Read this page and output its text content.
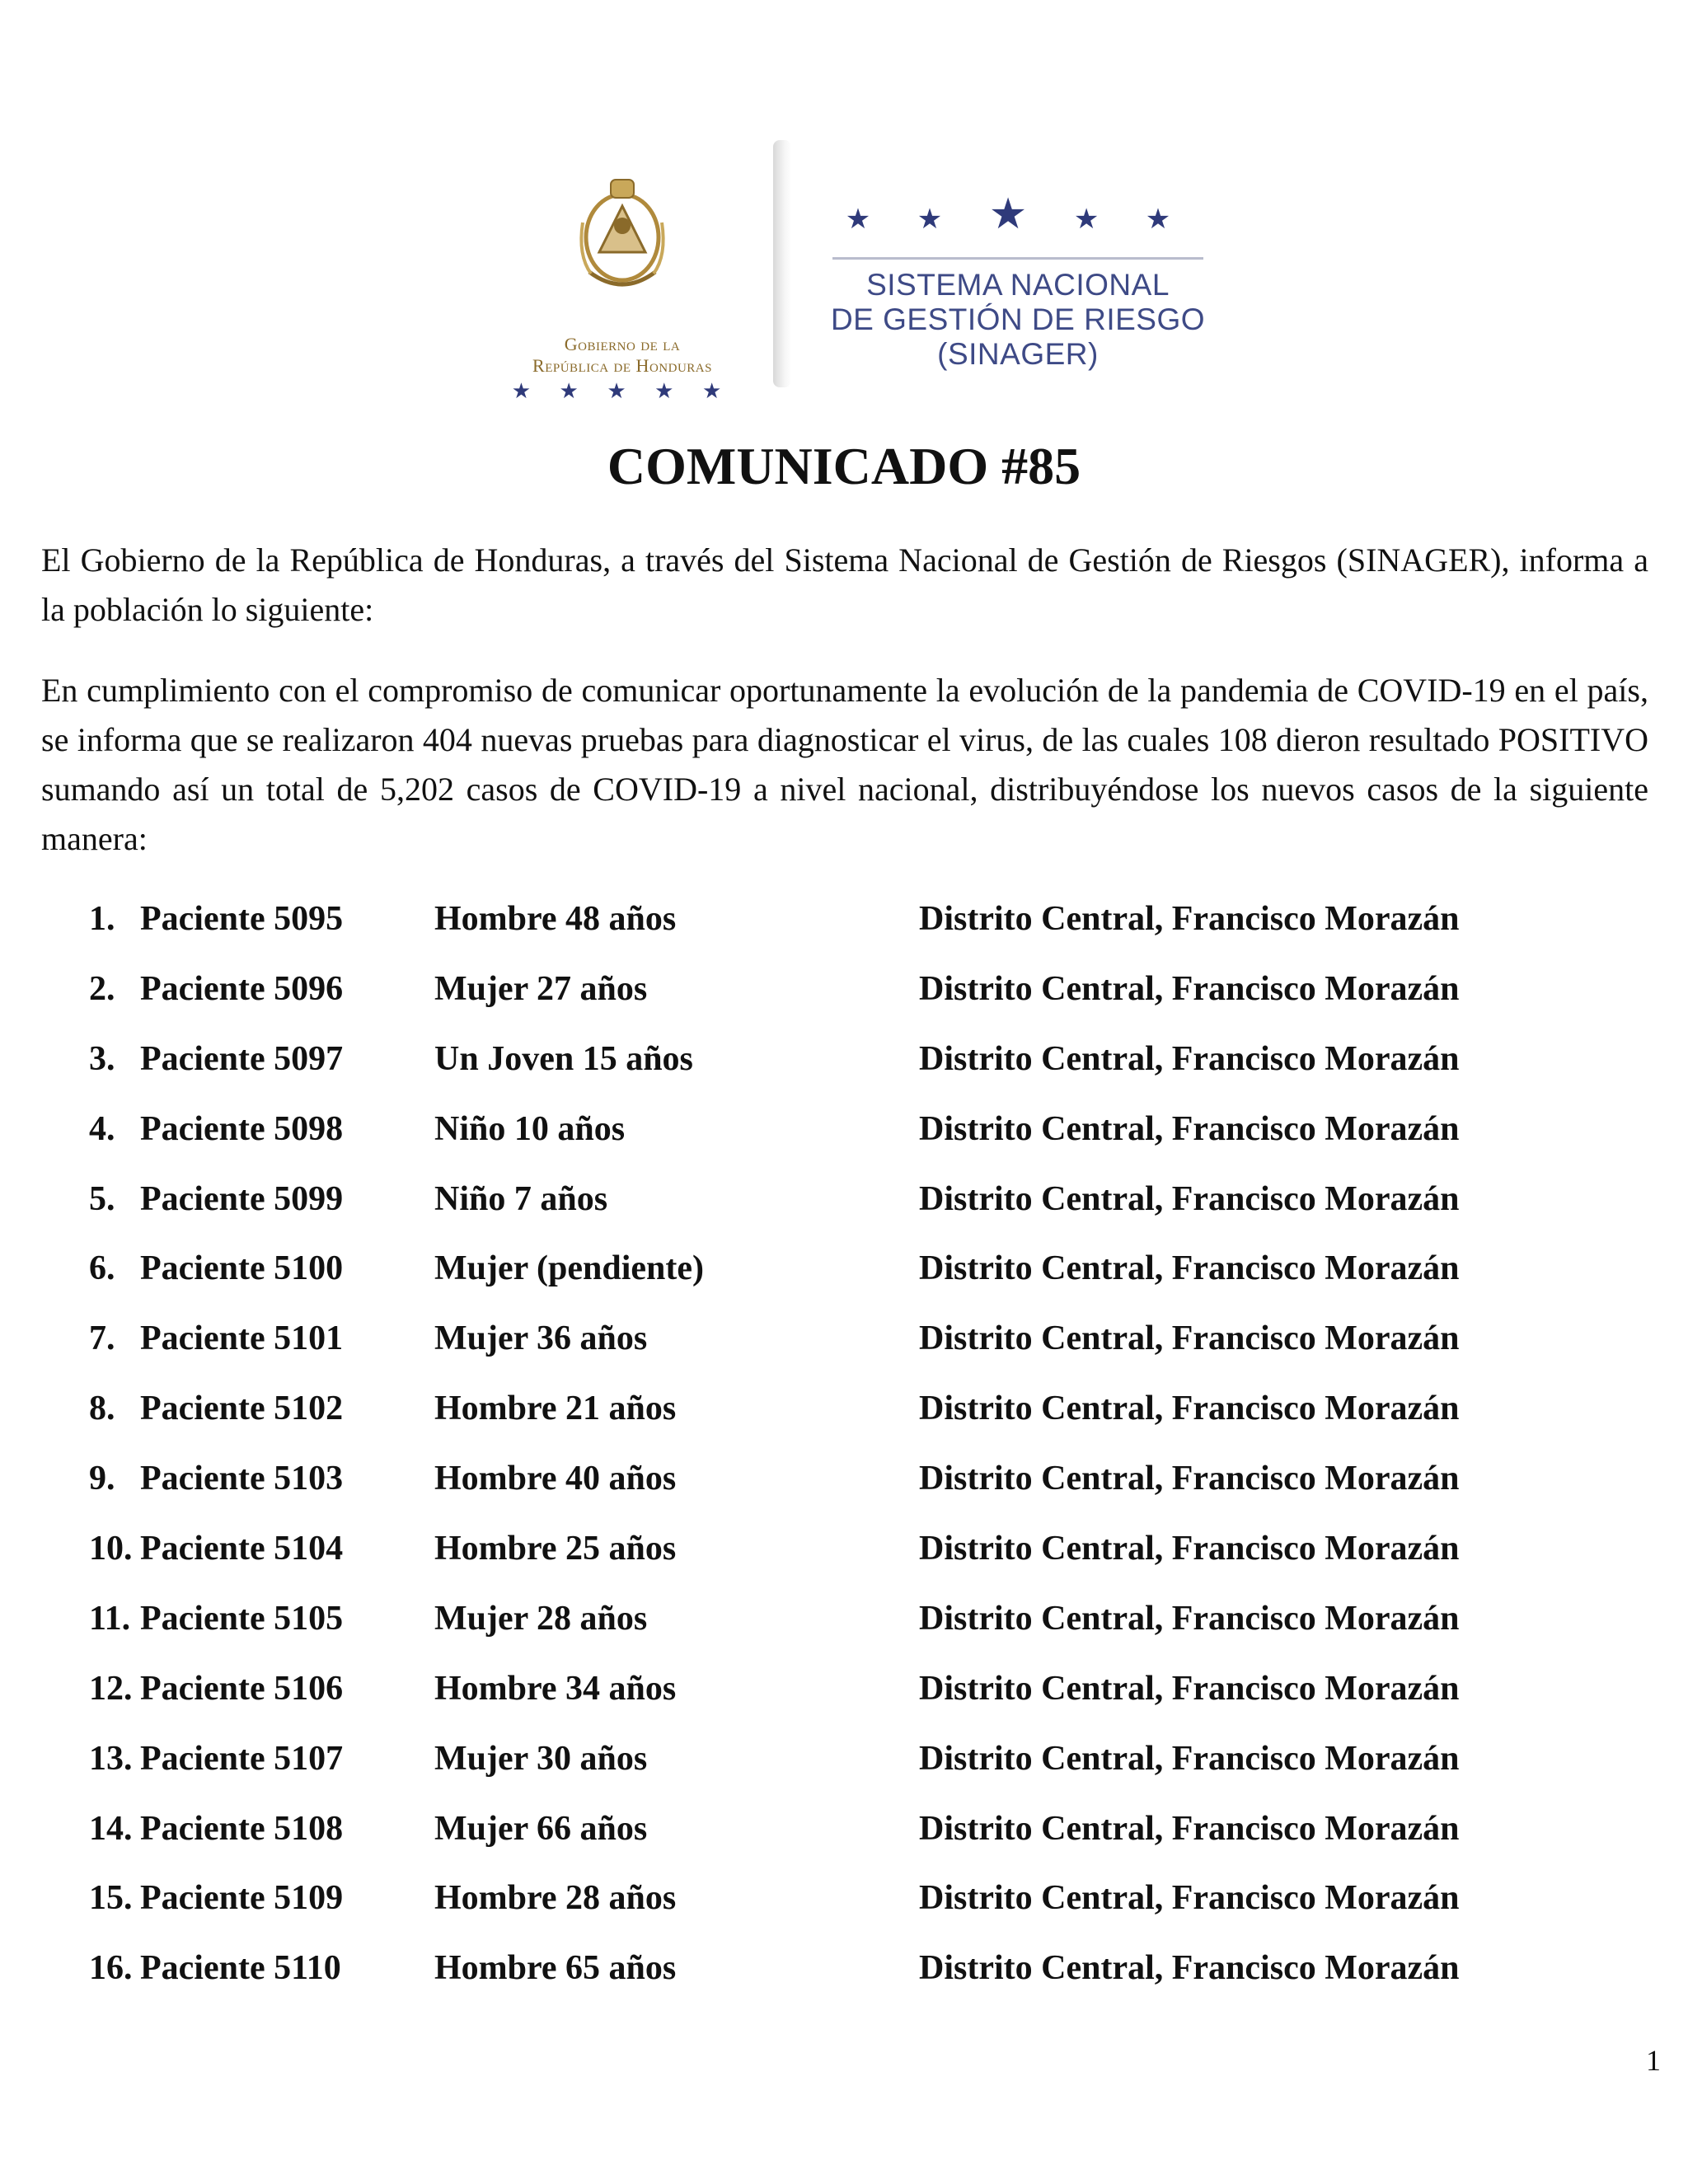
Gobierno de la
República de Honduras
★ ★ ★ ★ ★
★ ★ ★ ★ ★
SISTEMA NACIONAL
DE GESTIÓN DE RIESGO
(SINAGER)
COMUNICADO #85

El Gobierno de la República de Honduras, a través del Sistema Nacional de Gestión de Riesgos (SINAGER), informa a la población lo siguiente:

En cumplimiento con el compromiso de comunicar oportunamente la evolución de la pandemia de COVID-19 en el país, se informa que se realizaron 404 nuevas pruebas para diagnosticar el virus, de las cuales 108 dieron resultado POSITIVO sumando así un total de 5,202 casos de COVID-19 a nivel nacional, distribuyéndose los nuevos casos de la siguiente manera:

1. Paciente 5095	Hombre 48 años	Distrito Central, Francisco Morazán
2. Paciente 5096	Mujer 27 años	Distrito Central, Francisco Morazán
3. Paciente 5097	Un Joven 15 años	Distrito Central, Francisco Morazán
4. Paciente 5098	Niño 10 años	Distrito Central, Francisco Morazán
5. Paciente 5099	Niño 7 años	Distrito Central, Francisco Morazán
6. Paciente 5100	Mujer (pendiente)	Distrito Central, Francisco Morazán
7. Paciente 5101	Mujer 36 años	Distrito Central, Francisco Morazán
8. Paciente 5102	Hombre 21 años	Distrito Central, Francisco Morazán
9. Paciente 5103	Hombre 40 años	Distrito Central, Francisco Morazán
10. Paciente 5104	Hombre 25 años	Distrito Central, Francisco Morazán
11. Paciente 5105	Mujer 28 años	Distrito Central, Francisco Morazán
12. Paciente 5106	Hombre 34 años	Distrito Central, Francisco Morazán
13. Paciente 5107	Mujer 30 años	Distrito Central, Francisco Morazán
14. Paciente 5108	Mujer 66 años	Distrito Central, Francisco Morazán
15. Paciente 5109	Hombre 28 años	Distrito Central, Francisco Morazán
16. Paciente 5110	Hombre 65 años	Distrito Central, Francisco Morazán
1
